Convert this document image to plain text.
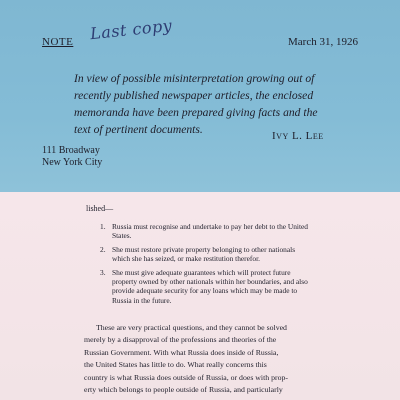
NOTE Last copy	March 31, 1926

In view of possible misinterpretation growing out of recently published newspaper articles, the enclosed memoranda have been prepared giving facts and the text of pertinent documents.	Ivy L. Lee
111 Broadway
New York City
lished—
1. Russia must recognise and undertake to pay her debt to the United States.
2. She must restore private property belonging to other nationals which she has seized, or make restitution therefor.
3. She must give adequate guarantees which will protect future property owned by other nationals within her boundaries, and also provide adequate security for any loans which may be made to Russia in the future.
These are very practical questions, and they cannot be solved
merely by a disapproval of the professions and theories of the
Russian Government. With what Russia does inside of Russia,
the United States has little to do. What really concerns this
country is what Russia does outside of Russia, or does with prop-
erty which belongs to people outside of Russia, and particularly
